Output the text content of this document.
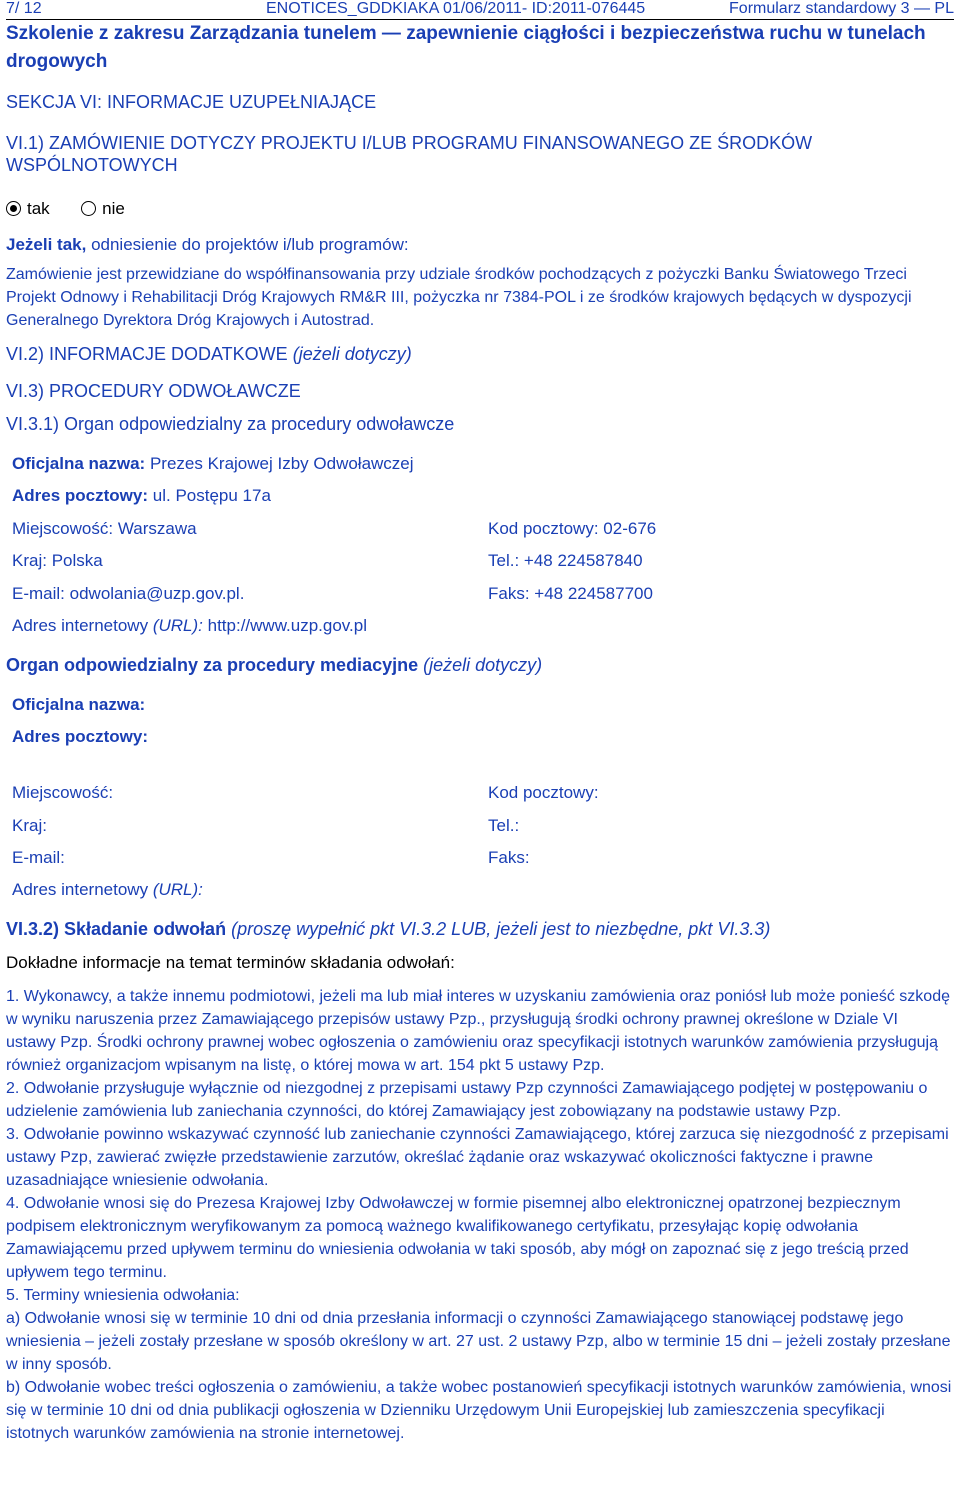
7/ 12	ENOTICES_GDDKIAKA 01/06/2011- ID:2011-076445	Formularz standardowy 3 — PL
Szkolenie z zakresu Zarządzania tunelem — zapewnienie ciągłości i bezpieczeństwa ruchu w tunelach drogowych
SEKCJA VI: INFORMACJE UZUPEŁNIAJĄCE
VI.1) ZAMÓWIENIE DOTYCZY PROJEKTU I/LUB PROGRAMU FINANSOWANEGO ZE ŚRODKÓW WSPÓLNOTOWYCH
tak	nie
Jeżeli tak, odniesienie do projektów i/lub programów:
Zamówienie jest przewidziane do współfinansowania przy udziale środków pochodzących z pożyczki Banku Światowego Trzeci Projekt Odnowy i Rehabilitacji Dróg Krajowych RM&R III, pożyczka nr 7384-POL i ze środków krajowych będących w dyspozycji Generalnego Dyrektora Dróg Krajowych i Autostrad.
VI.2) INFORMACJE DODATKOWE (jeżeli dotyczy)
VI.3) PROCEDURY ODWOŁAWCZE
VI.3.1) Organ odpowiedzialny za procedury odwoławcze
Oficjalna nazwa: Prezes Krajowej Izby Odwoławczej
Adres pocztowy: ul. Postępu 17a
Miejscowość: Warszawa	Kod pocztowy: 02-676
Kraj: Polska	Tel.: +48 224587840
E-mail: odwolania@uzp.gov.pl.	Faks: +48 224587700
Adres internetowy (URL): http://www.uzp.gov.pl
Organ odpowiedzialny za procedury mediacyjne (jeżeli dotyczy)
Oficjalna nazwa:
Adres pocztowy:
Miejscowość:	Kod pocztowy:
Kraj:	Tel.:
E-mail:	Faks:
Adres internetowy (URL):
VI.3.2) Składanie odwołań (proszę wypełnić pkt VI.3.2 LUB, jeżeli jest to niezbędne, pkt VI.3.3)
Dokładne informacje na temat terminów składania odwołań:

1. Wykonawcy, a także innemu podmiotowi, jeżeli ma lub miał interes w uzyskaniu zamówienia oraz poniósł lub może ponieść szkodę w wyniku naruszenia przez Zamawiającego przepisów ustawy Pzp., przysługują środki ochrony prawnej określone w Dziale VI ustawy Pzp. Środki ochrony prawnej wobec ogłoszenia o zamówieniu oraz specyfikacji istotnych warunków zamówienia przysługują również organizacjom wpisanym na listę, o której mowa w art. 154 pkt 5 ustawy Pzp.

2. Odwołanie przysługuje wyłącznie od niezgodnej z przepisami ustawy Pzp czynności Zamawiającego podjętej w postępowaniu o udzielenie zamówienia lub zaniechania czynności, do której Zamawiający jest zobowiązany na podstawie ustawy Pzp.

3. Odwołanie powinno wskazywać czynność lub zaniechanie czynności Zamawiającego, której zarzuca się niezgodność z przepisami ustawy Pzp, zawierać zwięzłe przedstawienie zarzutów, określać żądanie oraz wskazywać okoliczności faktyczne i prawne uzasadniające wniesienie odwołania.

4. Odwołanie wnosi się do Prezesa Krajowej Izby Odwoławczej w formie pisemnej albo elektronicznej opatrzonej bezpiecznym podpisem elektronicznym weryfikowanym za pomocą ważnego kwalifikowanego certyfikatu, przesyłając kopię odwołania Zamawiającemu przed upływem terminu do wniesienia odwołania w taki sposób, aby mógł on zapoznać się z jego treścią przed upływem tego terminu.

5. Terminy wniesienia odwołania:

a) Odwołanie wnosi się w terminie 10 dni od dnia przesłania informacji o czynności Zamawiającego stanowiącej podstawę jego wniesienia – jeżeli zostały przesłane w sposób określony w art. 27 ust. 2 ustawy Pzp, albo w terminie 15 dni – jeżeli zostały przesłane w inny sposób.

b) Odwołanie wobec treści ogłoszenia o zamówieniu, a także wobec postanowień specyfikacji istotnych warunków zamówienia, wnosi się w terminie 10 dni od dnia publikacji ogłoszenia w Dzienniku Urzędowym Unii Europejskiej lub zamieszczenia specyfikacji istotnych warunków zamówienia na stronie internetowej.
